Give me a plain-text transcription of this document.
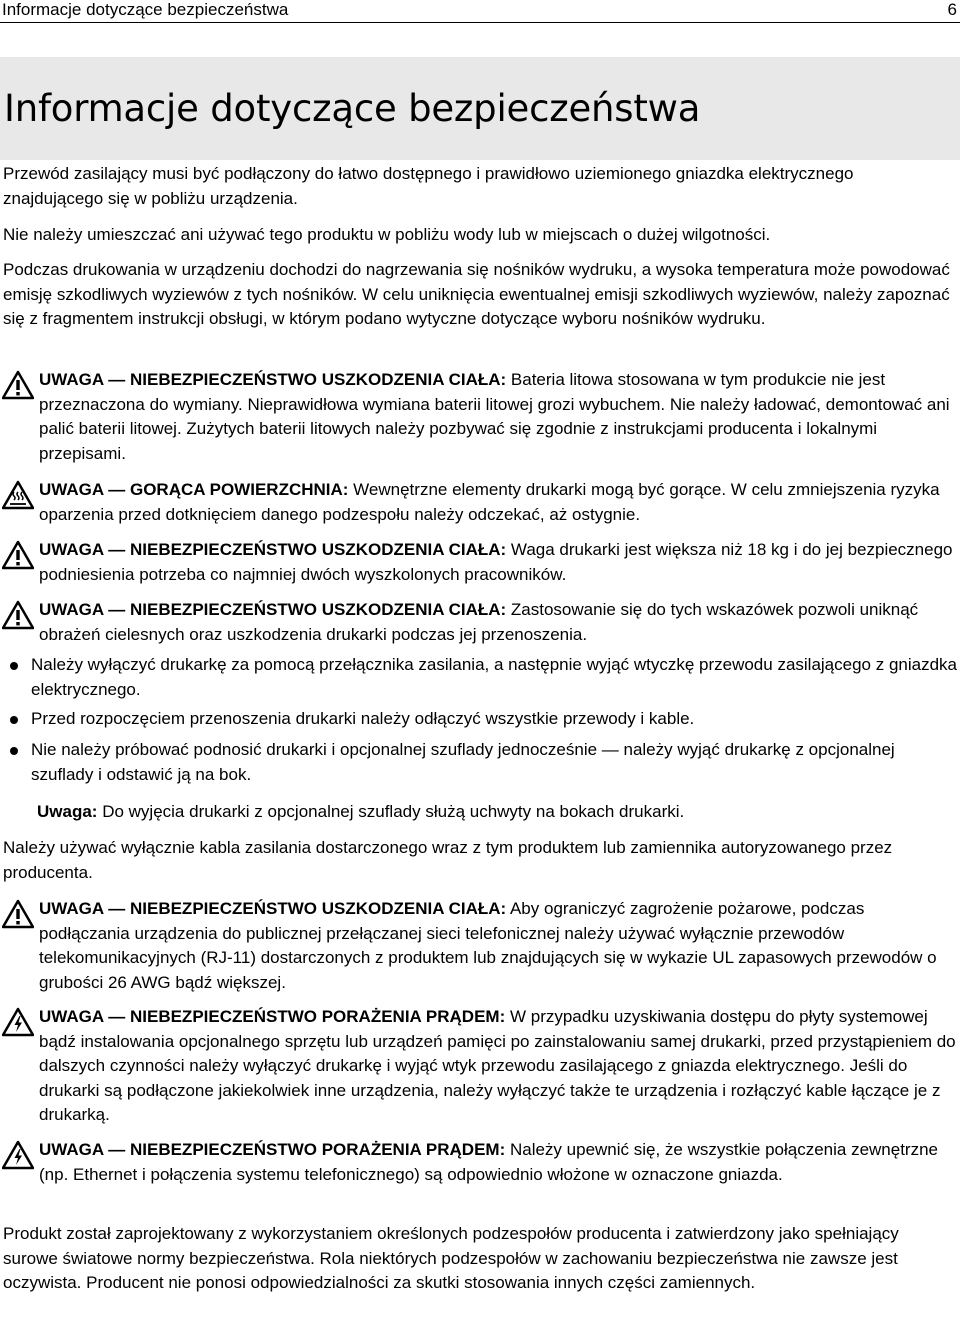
Informacje dotyczące bezpieczeństwa	6
Informacje dotyczące bezpieczeństwa
Przewód zasilający musi być podłączony do łatwo dostępnego i prawidłowo uziemionego gniazdka elektrycznego znajdującego się w pobliżu urządzenia.
Nie należy umieszczać ani używać tego produktu w pobliżu wody lub w miejscach o dużej wilgotności.
Podczas drukowania w urządzeniu dochodzi do nagrzewania się nośników wydruku, a wysoka temperatura może powodować emisję szkodliwych wyziewów z tych nośników. W celu uniknięcia ewentualnej emisji szkodliwych wyziewów, należy zapoznać się z fragmentem instrukcji obsługi, w którym podano wytyczne dotyczące wyboru nośników wydruku.
UWAGA — NIEBEZPIECZEŃSTWO USZKODZENIA CIAŁA: Bateria litowa stosowana w tym produkcie nie jest przeznaczona do wymiany. Nieprawidłowa wymiana baterii litowej grozi wybuchem. Nie należy ładować, demontować ani palić baterii litowej. Zużytych baterii litowych należy pozbywać się zgodnie z instrukcjami producenta i lokalnymi przepisami.
UWAGA — GORĄCA POWIERZCHNIA: Wewnętrzne elementy drukarki mogą być gorące. W celu zmniejszenia ryzyka oparzenia przed dotknięciem danego podzespołu należy odczekać, aż ostygnie.
UWAGA — NIEBEZPIECZEŃSTWO USZKODZENIA CIAŁA: Waga drukarki jest większa niż 18 kg i do jej bezpiecznego podniesienia potrzeba co najmniej dwóch wyszkolonych pracowników.
UWAGA — NIEBEZPIECZEŃSTWO USZKODZENIA CIAŁA: Zastosowanie się do tych wskazówek pozwoli uniknąć obrażeń cielesnych oraz uszkodzenia drukarki podczas jej przenoszenia.
Należy wyłączyć drukarkę za pomocą przełącznika zasilania, a następnie wyjąć wtyczkę przewodu zasilającego z gniazdka elektrycznego.
Przed rozpoczęciem przenoszenia drukarki należy odłączyć wszystkie przewody i kable.
Nie należy próbować podnosić drukarki i opcjonalnej szuflady jednocześnie — należy wyjąć drukarkę z opcjonalnej szuflady i odstawić ją na bok.
Uwaga: Do wyjęcia drukarki z opcjonalnej szuflady służą uchwyty na bokach drukarki.
Należy używać wyłącznie kabla zasilania dostarczonego wraz z tym produktem lub zamiennika autoryzowanego przez producenta.
UWAGA — NIEBEZPIECZEŃSTWO USZKODZENIA CIAŁA: Aby ograniczyć zagrożenie pożarowe, podczas podłączania urządzenia do publicznej przełączanej sieci telefonicznej należy używać wyłącznie przewodów telekomunikacyjnych (RJ-11) dostarczonych z produktem lub znajdujących się w wykazie UL zapasowych przewodów o grubości 26 AWG bądź większej.
UWAGA — NIEBEZPIECZEŃSTWO PORAŻENIA PRĄDEM: W przypadku uzyskiwania dostępu do płyty systemowej bądź instalowania opcjonalnego sprzętu lub urządzeń pamięci po zainstalowaniu samej drukarki, przed przystąpieniem do dalszych czynności należy wyłączyć drukarkę i wyjąć wtyk przewodu zasilającego z gniazda elektrycznego. Jeśli do drukarki są podłączone jakiekolwiek inne urządzenia, należy wyłączyć także te urządzenia i rozłączyć kable łączące je z drukarką.
UWAGA — NIEBEZPIECZEŃSTWO PORAŻENIA PRĄDEM: Należy upewnić się, że wszystkie połączenia zewnętrzne (np. Ethernet i połączenia systemu telefonicznego) są odpowiednio włożone w oznaczone gniazda.
Produkt został zaprojektowany z wykorzystaniem określonych podzespołów producenta i zatwierdzony jako spełniający surowe światowe normy bezpieczeństwa. Rola niektórych podzespołów w zachowaniu bezpieczeństwa nie zawsze jest oczywista. Producent nie ponosi odpowiedzialności za skutki stosowania innych części zamiennych.
